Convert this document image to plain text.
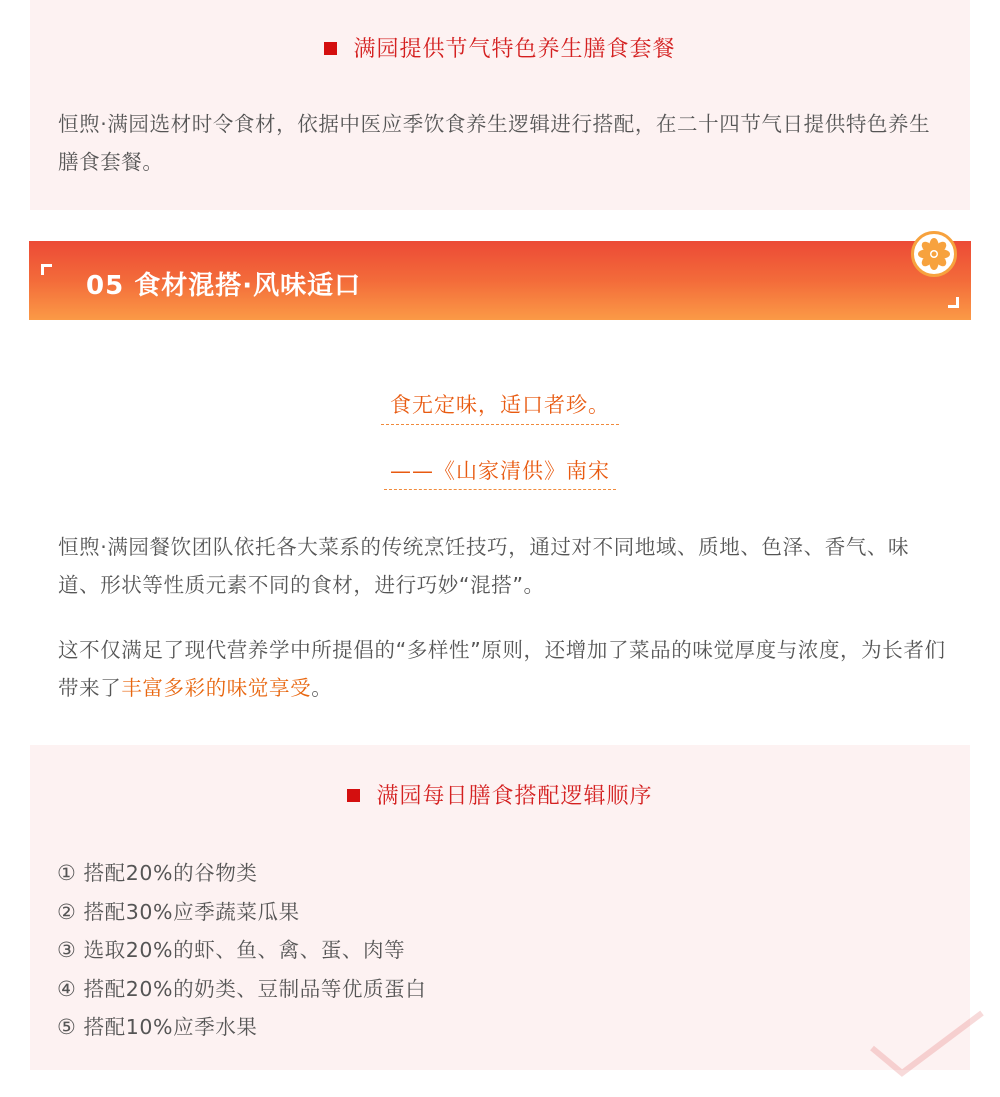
满园提供节气特色养生膳食套餐
恒煦·满园选材时令食材，依据中医应季饮食养生逻辑进行搭配，在二十四节气日提供特色养生膳食套餐。
05 食材混搭·风味适口
食无定味，适口者珍。
——《山家清供》南宋
恒煦·满园餐饮团队依托各大菜系的传统烹饪技巧，通过对不同地域、质地、色泽、香气、味道、形状等性质元素不同的食材，进行巧妙“混搭”。
这不仅满足了现代营养学中所提倡的“多样性”原则，还增加了菜品的味觉厚度与浓度，为长者们带来了丰富多彩的味觉享受。
满园每日膳食搭配逻辑顺序
① 搭配20%的谷物类
② 搭配30%应季蔬菜瓜果
③ 选取20%的虾、鱼、禽、蛋、肉等
④ 搭配20%的奶类、豆制品等优质蛋白
⑤ 搭配10%应季水果
